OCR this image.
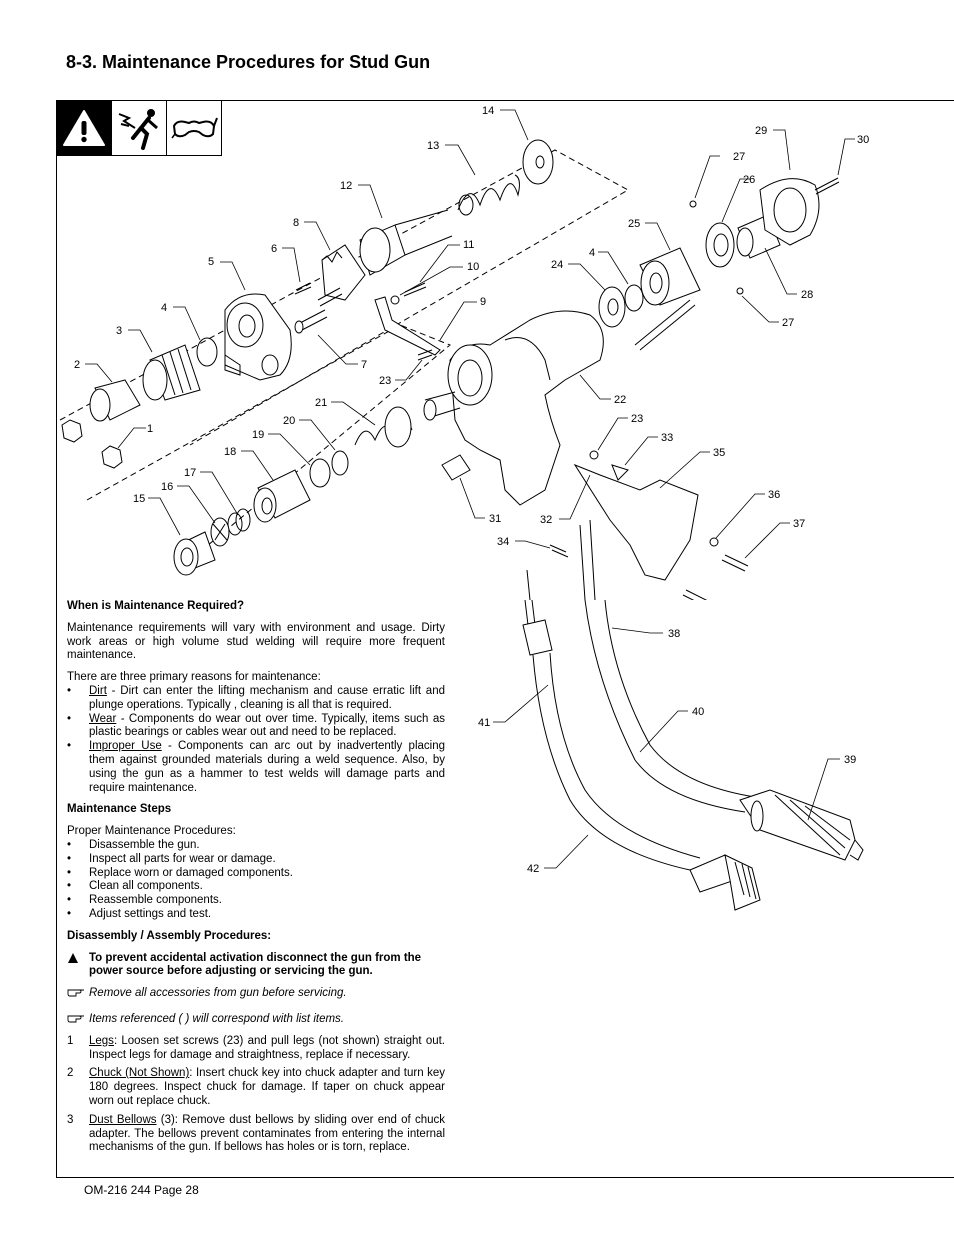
8-3. Maintenance Procedures for Stud Gun
14
13
12
8
6
5
4
3
2
1
11
10
9
7
23
21
20
19
18
17
16
15
29
30
27
26
25
24
4
28
27
22
23
33
35
31	32
34
36
37
38
41
40
39
42
When is Maintenance Required?

Maintenance requirements will vary with environment and usage. Dirty work areas or high volume stud welding will require more frequent maintenance.

There are three primary reasons for maintenance:
• Dirt - Dirt can enter the lifting mechanism and cause erratic lift and plunge operations. Typically , cleaning is all that is required.
• Wear - Components do wear out over time. Typically, items such as plastic bearings or cables wear out and need to be replaced.
• Improper Use - Components can arc out by inadvertently placing them against grounded materials during a weld sequence. Also, by using the gun as a hammer to test welds will damage parts and require maintenance.
Maintenance Steps
Proper Maintenance Procedures:
• Disassemble the gun.
• Inspect all parts for wear or damage.
• Replace worn or damaged components.
• Clean all components.
• Reassemble components.
• Adjust settings and test.
Disassembly / Assembly Procedures:
To prevent accidental activation disconnect the gun from the power source before adjusting or servicing the gun.
Remove all accessories from gun before servicing.
Items referenced ( ) will correspond with list items.
1 Legs: Loosen set screws (23) and pull legs (not shown) straight out. Inspect legs for damage and straightness, replace if necessary.
2 Chuck (Not Shown): Insert chuck key into chuck adapter and turn key 180 degrees. Inspect chuck for damage. If taper on chuck appear worn out replace chuck.
3 Dust Bellows (3): Remove dust bellows by sliding over end of chuck adapter. The bellows prevent contaminates from entering the internal mechanisms of the gun. If bellows has holes or is torn, replace.
OM-216 244 Page 28
